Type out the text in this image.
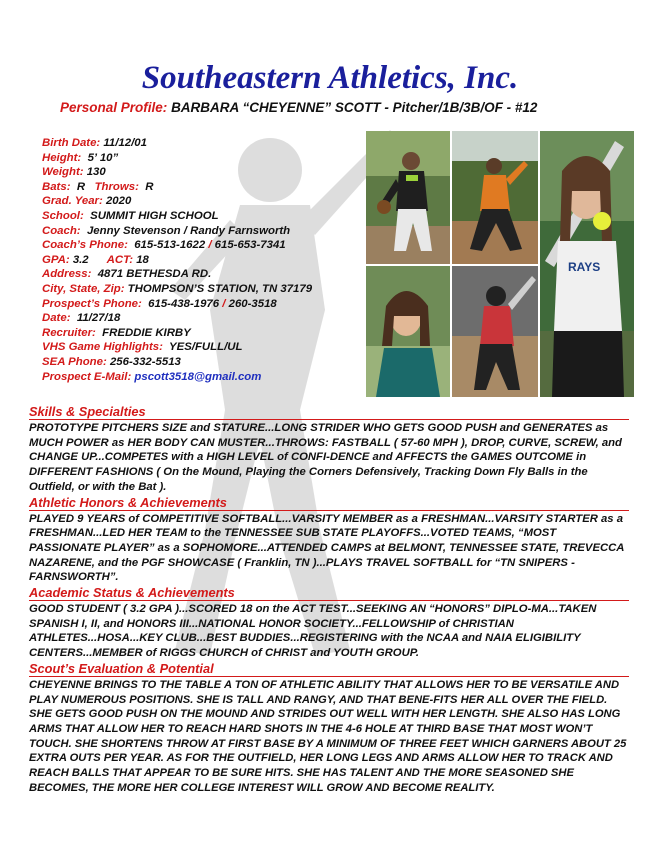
Southeastern Athletics, Inc.
Personal Profile: BARBARA “CHEYENNE” SCOTT - Pitcher/1B/3B/OF - #12
Birth Date: 11/12/01
Height: 5’ 10”
Weight: 130
Bats: R Throws: R
Grad. Year: 2020
School: SUMMIT HIGH SCHOOL
Coach: Jenny Stevenson / Randy Farnsworth
Coach’s Phone: 615-513-1622 / 615-653-7341
GPA: 3.2 ACT: 18
Address: 4871 BETHESDA RD.
City, State, Zip: THOMPSON’S STATION, TN 37179
Prospect’s Phone: 615-438-1976 / 260-3518
Date: 11/27/18
Recruiter: FREDDIE KIRBY
VHS Game Highlights: YES/FULL/UL
SEA Phone: 256-332-5513
Prospect E-Mail: pscott3518@gmail.com
RAYS
Skills & Specialties

PROTOTYPE PITCHERS SIZE and STATURE...LONG STRIDER WHO GETS GOOD PUSH and GENERATES as MUCH POWER as HER BODY CAN MUSTER...THROWS: FASTBALL ( 57-60 MPH ), DROP, CURVE, SCREW, and CHANGE UP...COMPETES with a HIGH LEVEL of CONFI-DENCE and AFFECTS the GAMES OUTCOME in DIFFERENT FASHIONS ( On the Mound, Playing the Corners Defensively, Tracking Down Fly Balls in the Outfield, or with the Bat ).

Athletic Honors & Achievements

PLAYED 9 YEARS of COMPETITIVE SOFTBALL...VARSITY MEMBER as a FRESHMAN...VARSITY STARTER as a FRESHMAN...LED HER TEAM to the TENNESSEE SUB STATE PLAYOFFS...VOTED TEAMS, “MOST PASSIONATE PLAYER” as a SOPHOMORE...ATTENDED CAMPS at BELMONT, TENNESSEE STATE, TREVECCA NAZARENE, and the PGF SHOWCASE ( Franklin, TN )...PLAYS TRAVEL SOFTBALL for “TN SNIPERS - FARNSWORTH”.

Academic Status & Achievements

GOOD STUDENT ( 3.2 GPA )...SCORED 18 on the ACT TEST...SEEKING AN “HONORS” DIPLO-MA...TAKEN SPANISH I, II, and HONORS III...NATIONAL HONOR SOCIETY...FELLOWSHIP of CHRISTIAN ATHLETES...HOSA...KEY CLUB...BEST BUDDIES...REGISTERING with the NCAA and NAIA ELIGIBILITY CENTERS...MEMBER of RIGGS CHURCH of CHRIST and YOUTH GROUP.

Scout’s Evaluation & Potential

CHEYENNE BRINGS TO THE TABLE A TON OF ATHLETIC ABILITY THAT ALLOWS HER TO BE VERSATILE AND PLAY NUMEROUS POSITIONS. SHE IS TALL AND RANGY, AND THAT BENE-FITS HER ALL OVER THE FIELD. SHE GETS GOOD PUSH ON THE MOUND AND STRIDES OUT WELL WITH HER LENGTH. SHE ALSO HAS LONG ARMS THAT ALLOW HER TO REACH HARD SHOTS IN THE 4-6 HOLE AT THIRD BASE THAT MOST WON’T TOUCH. SHE SHORTENS THROW AT FIRST BASE BY A MINIMUM OF THREE FEET WHICH GARNERS ABOUT 25 EXTRA OUTS PER YEAR. AS FOR THE OUTFIELD, HER LONG LEGS AND ARMS ALLOW HER TO TRACK AND REACH BALLS THAT APPEAR TO BE SURE HITS. SHE HAS TALENT AND THE MORE SEASONED SHE BECOMES, THE MORE HER COLLEGE INTEREST WILL GROW AND BECOME REALITY.
